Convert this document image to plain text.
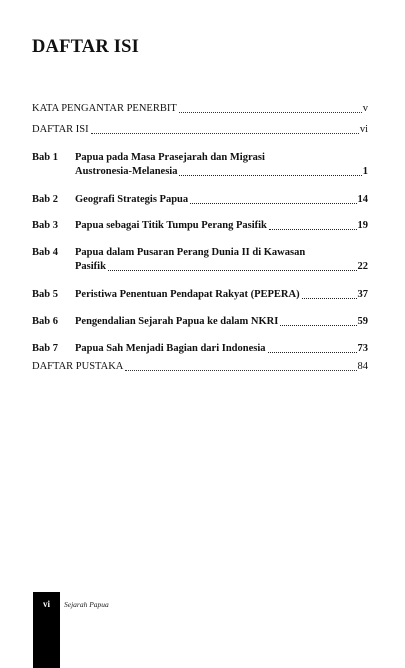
DAFTAR ISI
KATA PENGANTAR PENERBIT	v
DAFTAR ISI	vi
Bab 1 Papua pada Masa Prasejarah dan Migrasi
Austronesia-Melanesia	1
Bab 2 Geografi Strategis Papua	14
Bab 3 Papua sebagai Titik Tumpu Perang Pasifik	19
Bab 4 Papua dalam Pusaran Perang Dunia II di Kawasan
Pasifik	22
Bab 5 Peristiwa Penentuan Pendapat Rakyat (PEPERA)	37
Bab 6 Pengendalian Sejarah Papua ke dalam NKRI	59
Bab 7 Papua Sah Menjadi Bagian dari Indonesia	73
DAFTAR PUSTAKA	84
vi	Sejarah Papua
